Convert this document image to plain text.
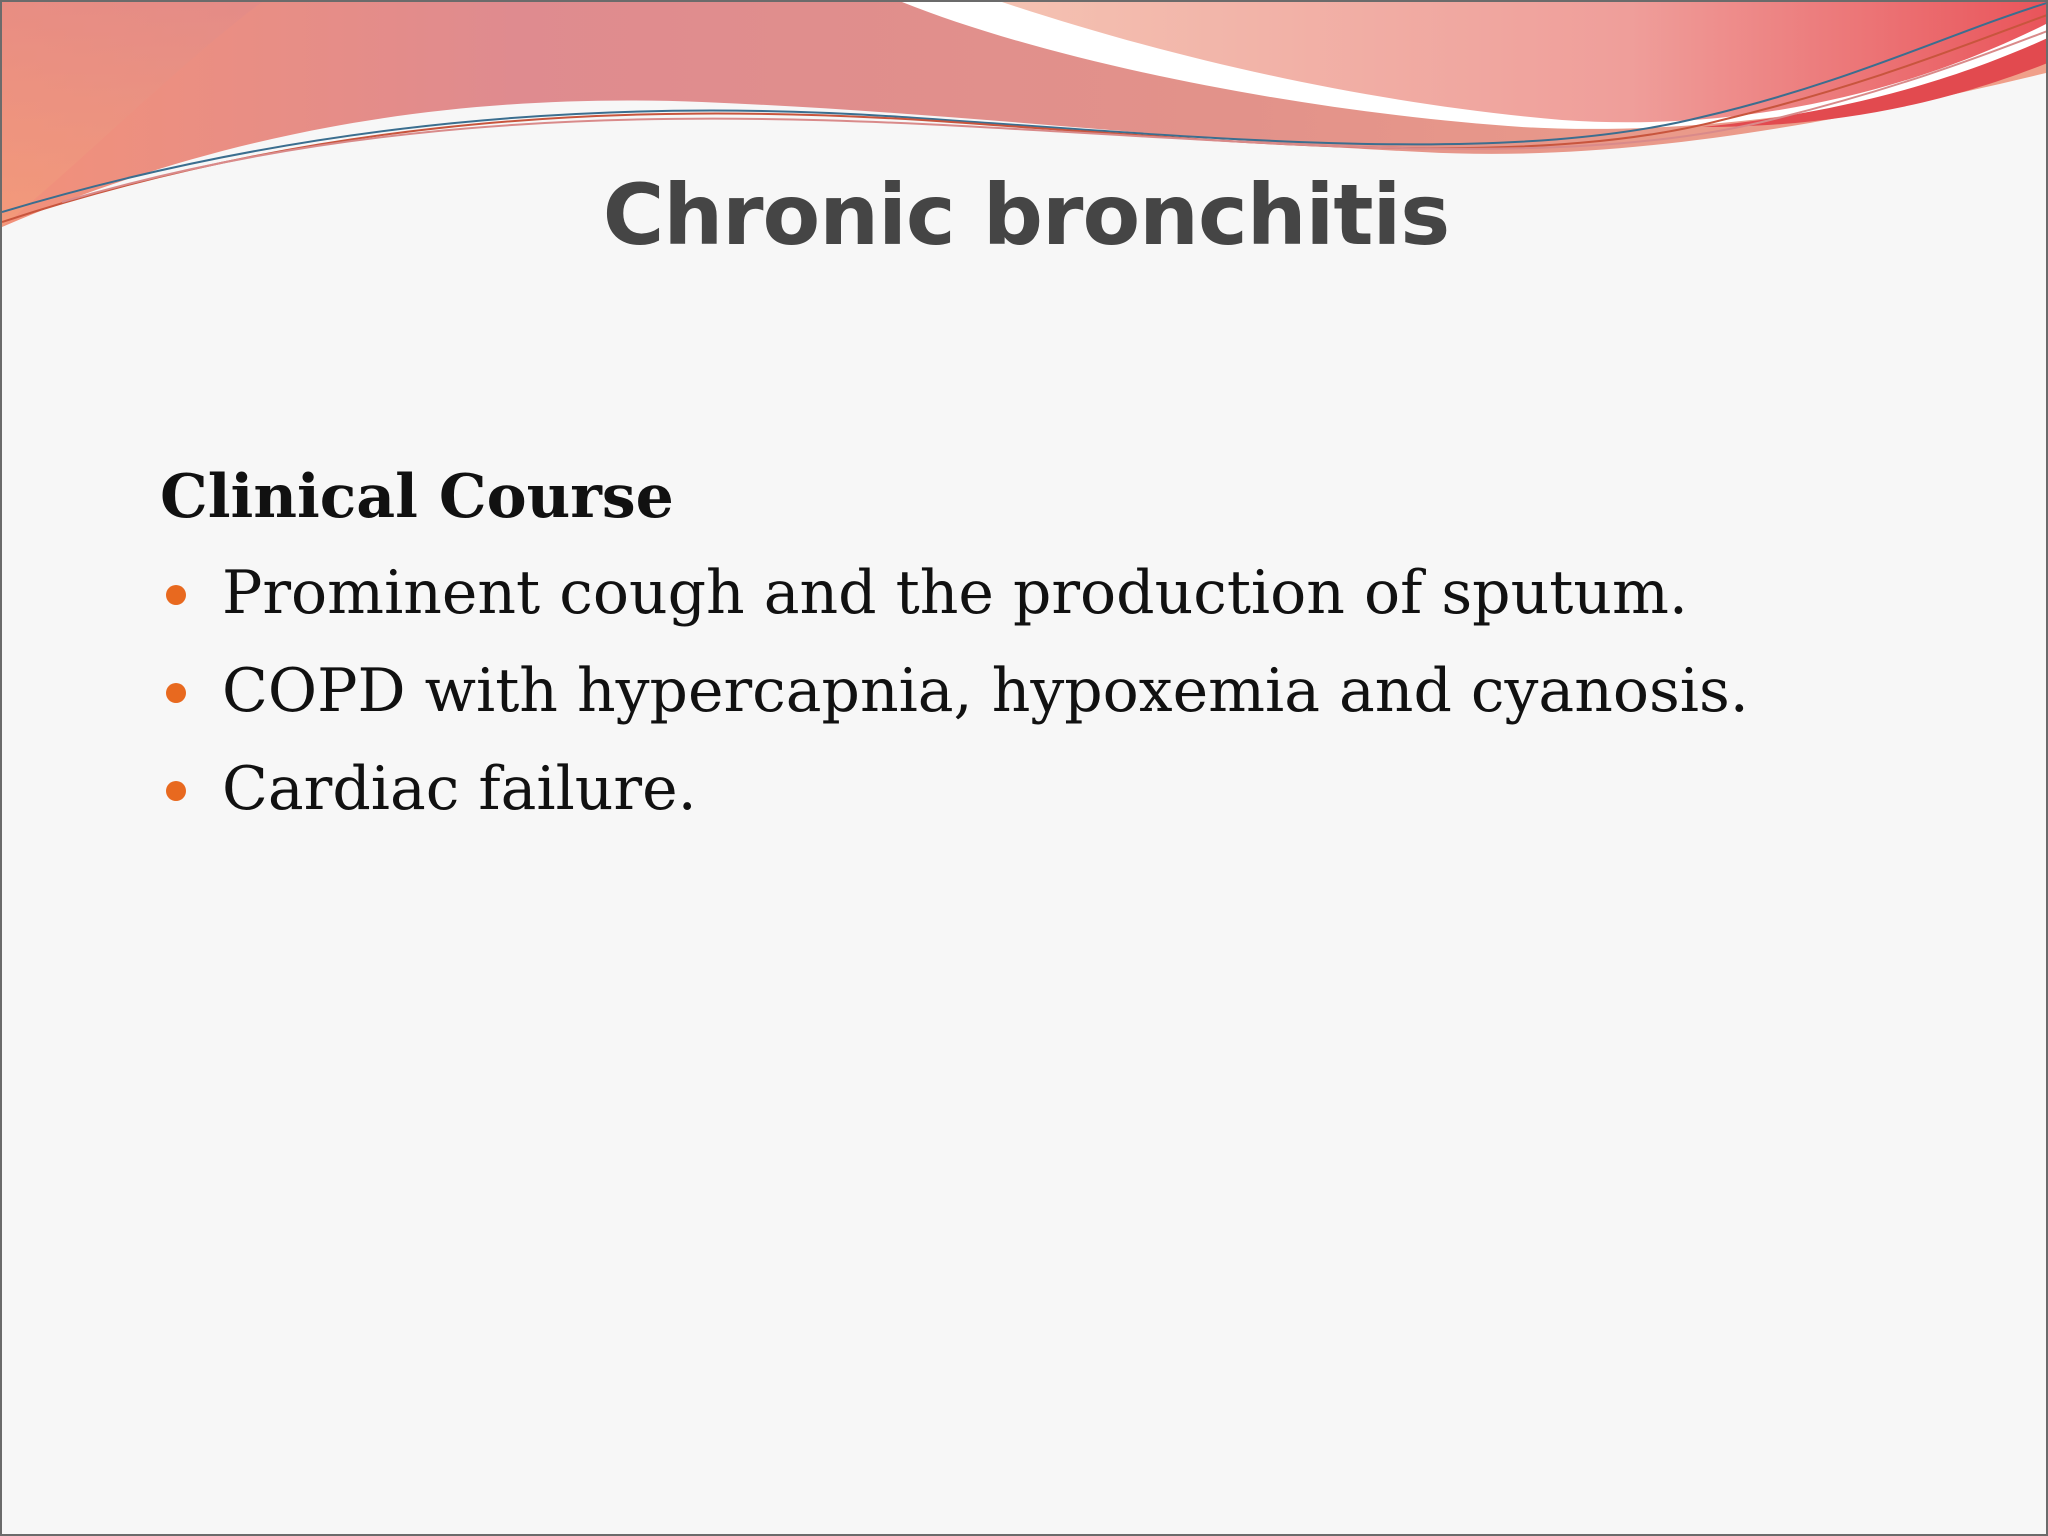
Chronic bronchitis
Clinical Course
Prominent cough and the production of sputum.
COPD with hypercapnia, hypoxemia and cyanosis.
Cardiac failure.
